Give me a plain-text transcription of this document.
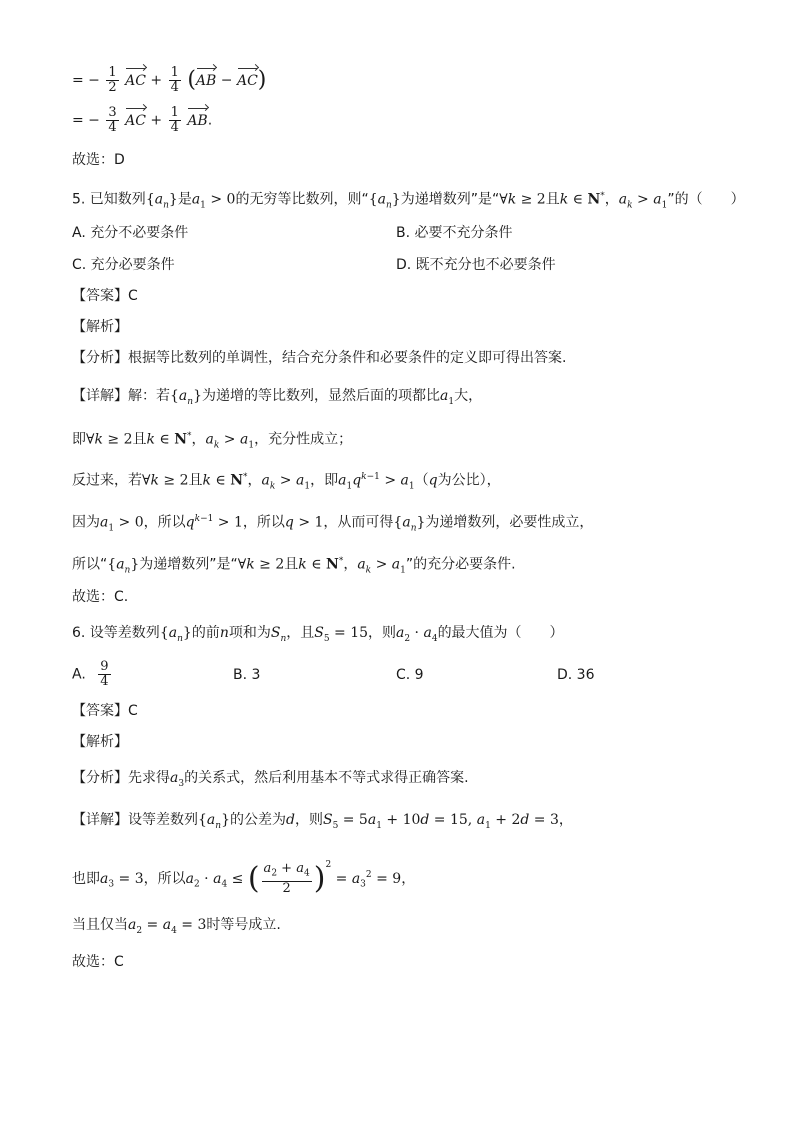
= − $\frac{1}{2}$ AC + $\frac{1}{4} (AB - AC)$
= − $\frac{3}{4}$ AC + $\frac{1}{4}$ AB.
故选：D
5. 已知数列$\{a_n\}$是$a_1 > 0$的无穷等比数列，则“$\{a_n\}$为递增数列”是“∀k ≥ 2且k ∈ N*，$a_k > a_1$”的（　　）
A. 充分不必要条件	B. 必要不充分条件
C. 充分必要条件	D. 既不充分也不必要条件
【答案】C
【解析】
【分析】根据等比数列的单调性，结合充分条件和必要条件的定义即可得出答案.
【详解】解：若$\{a_n\}$为递增的等比数列，显然后面的项都比$a_1$大，
即∀k ≥ 2且k ∈ N*，$a_k > a_1$，充分性成立；
反过来，若∀k ≥ 2且k ∈ N*，$a_k > a_1$，即$a_1q^{k-1} > a_1(q$为公比），
因为$a_1 > 0$，所以$q^{k-1} > 1$，所以q > 1，从而可得$\{a_n\}$为递增数列，必要性成立，
所以“$\{a_n\}$为递增数列”是“∀k ≥ 2且k ∈ N*，$a_k > a_1$”的充分必要条件.
故选：C.
6. 设等差数列$\{a_n\}$的前n项和为$S_n$，且$S_5 = 15$，则$a_2 \cdot a_4$的最大值为（　　）
A. $\frac{9}{4}$	B. 3	C. 9	D. 36
【答案】C
【解析】
【分析】先求得$a_3$的关系式，然后利用基本不等式求得正确答案.
【详解】设等差数列$\{a_n\}$的公差为d，则$S_5 = 5a_1 + 10d = 15$, $a_1 + 2d = 3$，
也即$a_3 = 3$，所以$a_2 \cdot a_4$ ≤ ( $\frac{a_2 + a_4}{2} )^2 = a_3^2 = 9$，
当且仅当$a_2 = a_4 = 3$时等号成立.
故选：C
